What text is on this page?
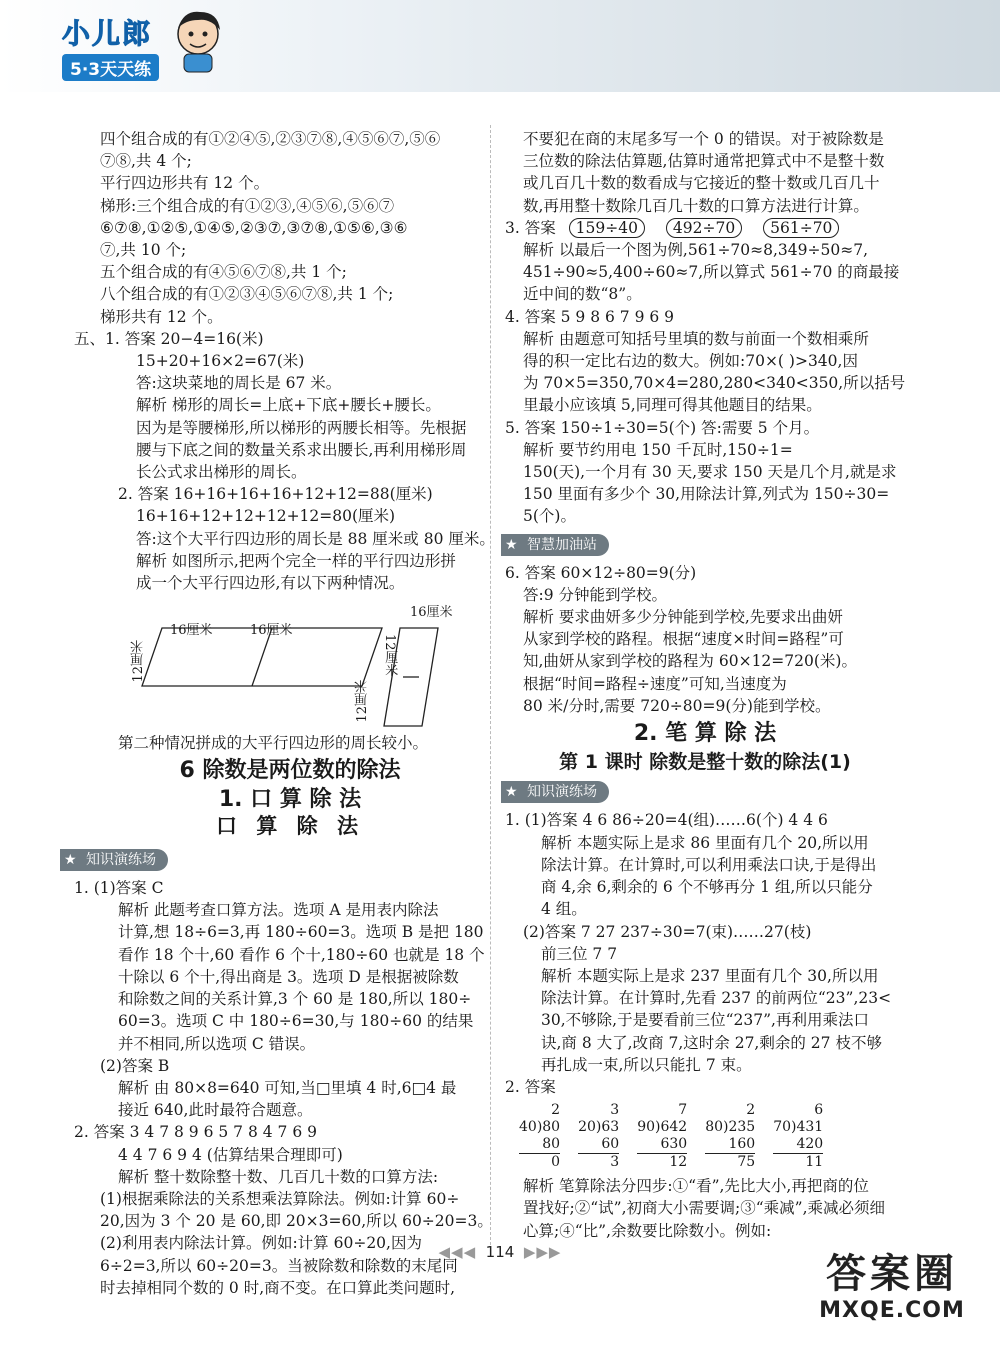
小儿郎
5·3天天练
四个组合成的有①②④⑤,②③⑦⑧,④⑤⑥⑦,⑤⑥
⑦⑧,共 4 个;
平行四边形共有 12 个。
梯形:三个组合成的有①②③,④⑤⑥,⑤⑥⑦
⑥⑦⑧,①②⑤,①④⑤,②③⑦,③⑦⑧,①⑤⑥,③⑥
⑦,共 10 个;
五个组合成的有④⑤⑥⑦⑧,共 1 个;
八个组合成的有①②③④⑤⑥⑦⑧,共 1 个;
梯形共有 12 个。
五、1. 答案 20−4=16(米)
15+20+16×2=67(米)
答:这块菜地的周长是 67 米。
解析 梯形的周长=上底+下底+腰长+腰长。
因为是等腰梯形,所以梯形的两腰长相等。先根据
腰与下底之间的数量关系求出腰长,再利用梯形周
长公式求出梯形的周长。
2. 答案 16+16+16+16+12+12=88(厘米)
16+16+12+12+12+12=80(厘米)
答:这个大平行四边形的周长是 88 厘米或 80 厘米。
解析 如图所示,把两个完全一样的平行四边形拼
成一个大平行四边形,有以下两种情况。
16厘米	16厘米
12厘米
16厘米
12厘米
12厘米
第二种情况拼成的大平行四边形的周长较小。
6 除数是两位数的除法
1. 口 算 除 法
口 算 除 法
★ 知识演练场
1. (1)答案 C
解析 此题考查口算方法。选项 A 是用表内除法
计算,想 18÷6=3,再 180÷60=3。选项 B 是把 180
看作 18 个十,60 看作 6 个十,180÷60 也就是 18 个
十除以 6 个十,得出商是 3。选项 D 是根据被除数
和除数之间的关系计算,3 个 60 是 180,所以 180÷
60=3。选项 C 中 180÷6=30,与 180÷60 的结果
并不相同,所以选项 C 错误。
(2)答案 B
解析 由 80×8=640 可知,当□里填 4 时,6□4 最
接近 640,此时最符合题意。
2. 答案 3 4 7 8 9 6 5 7 8 4 7 6 9
4 4 7 6 9 4 (估算结果合理即可)
解析 整十数除整十数、几百几十数的口算方法:
(1)根据乘除法的关系想乘法算除法。例如:计算 60÷
20,因为 3 个 20 是 60,即 20×3=60,所以 60÷20=3。
(2)利用表内除法计算。例如:计算 60÷20,因为
6÷2=3,所以 60÷20=3。当被除数和除数的末尾同
时去掉相同个数的 0 时,商不变。在口算此类问题时,
不要犯在商的末尾多写一个 0 的错误。对于被除数是
三位数的除法估算题,估算时通常把算式中不是整十数
或几百几十数的数看成与它接近的整十数或几百几十
数,再用整十数除几百几十数的口算方法进行计算。
3. 答案 159÷40 492÷70 561÷70
解析 以最后一个图为例,561÷70≈8,349÷50≈7,
451÷90≈5,400÷60≈7,所以算式 561÷70 的商最接
近中间的数“8”。
4. 答案 5 9 8 6 7 9 6 9
解析 由题意可知括号里填的数与前面一个数相乘所
得的积一定比右边的数大。例如:70×( )>340,因
为 70×5=350,70×4=280,280<340<350,所以括号
里最小应该填 5,同理可得其他题目的结果。
5. 答案 150÷1÷30=5(个) 答:需要 5 个月。
解析 要节约用电 150 千瓦时,150÷1=
150(天),一个月有 30 天,要求 150 天是几个月,就是求
150 里面有多少个 30,用除法计算,列式为 150÷30=
5(个)。
★ 智慧加油站
6. 答案 60×12÷80=9(分)
答:9 分钟能到学校。
解析 要求曲妍多少分钟能到学校,先要求出曲妍
从家到学校的路程。根据“速度×时间=路程”可
知,曲妍从家到学校的路程为 60×12=720(米)。
根据“时间=路程÷速度”可知,当速度为
80 米/分时,需要 720÷80=9(分)能到学校。
2. 笔 算 除 法
第 1 课时 除数是整十数的除法(1)
★ 知识演练场
1. (1)答案 4 6 86÷20=4(组)……6(个) 4 4 6
解析 本题实际上是求 86 里面有几个 20,所以用
除法计算。在计算时,可以利用乘法口诀,于是得出
商 4,余 6,剩余的 6 个不够再分 1 组,所以只能分
4 组。
(2)答案 7 27 237÷30=7(束)……27(枝)
前三位 7 7
解析 本题实际上是求 237 里面有几个 30,所以用
除法计算。在计算时,先看 237 的前两位“23”,23<
30,不够除,于是要看前三位“237”,再利用乘法口
诀,商 8 大了,改商 7,这时余 27,剩余的 27 枝不够
再扎成一束,所以只能扎 7 束。
2. 答案
2
40)80
80
0
3
20)63
60
3
7
90)642
630
12
2
80)235
160
75
6
70)431
420
11
解析 笔算除法分四步:①“看”,先比大小,再把商的位
置找好;②“试”,初商大小需要调;③“乘减”,乘减必须细
心算;④“比”,余数要比除数小。例如:
◀◀◀ 114 ▶▶▶	答案圈
MXQE.COM
